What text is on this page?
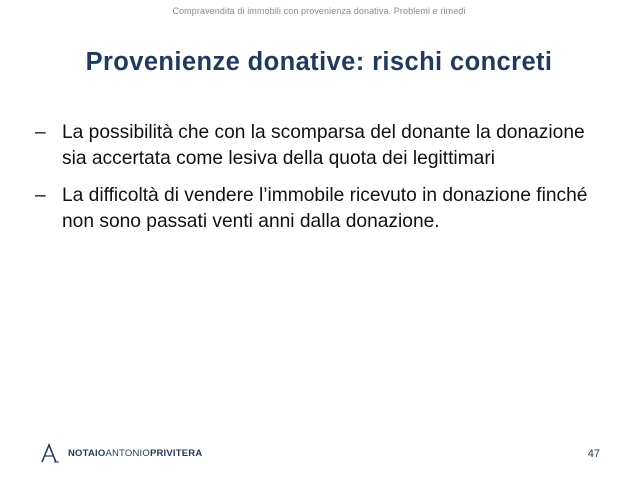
Compravendita di immobili con provenienza donativa. Problemi e rimedi
Provenienze donative: rischi concreti
– La possibilità che con la scomparsa del donante la donazione sia accertata come lesiva della quota dei legittimari
– La difficoltà di vendere l’immobile ricevuto in donazione finché non sono passati venti anni dalla donazione.
NOTAIOANTONIOPRIVITERA	47
